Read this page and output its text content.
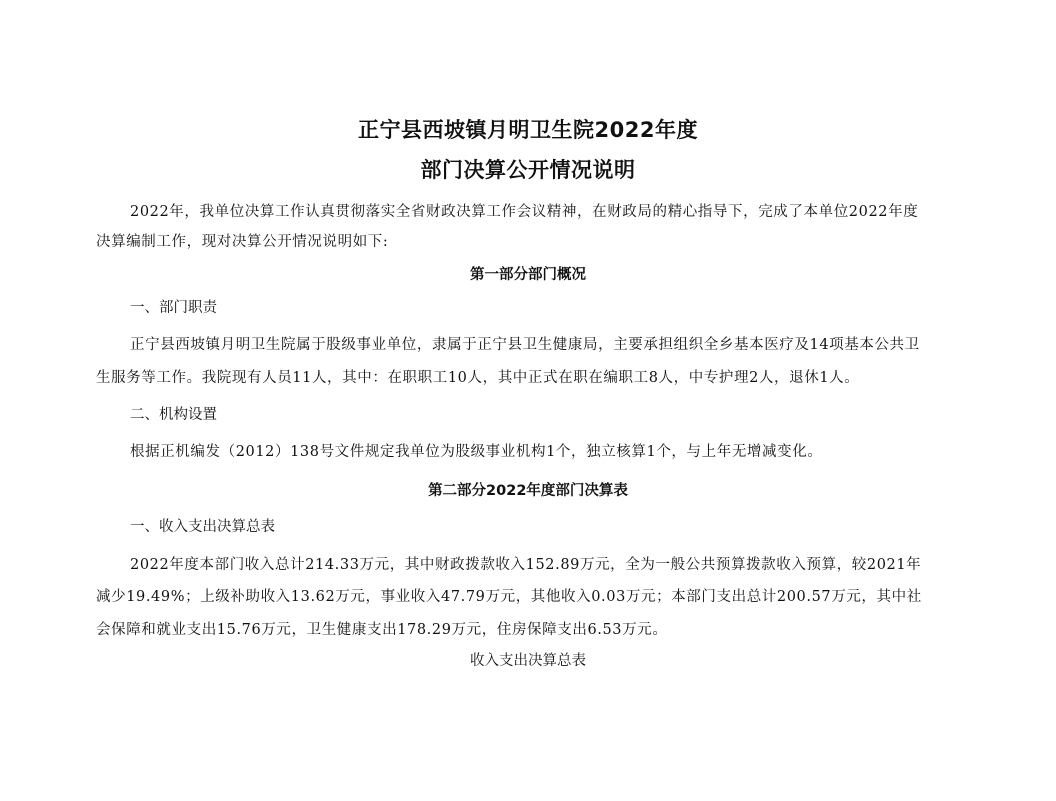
正宁县西坡镇月明卫生院2022年度
部门决算公开情况说明
2022年，我单位决算工作认真贯彻落实全省财政决算工作会议精神，在财政局的精心指导下，完成了本单位2022年度
决算编制工作，现对决算公开情况说明如下:
第一部分部门概况
一、部门职责
正宁县西坡镇月明卫生院属于股级事业单位，隶属于正宁县卫生健康局，主要承担组织全乡基本医疗及14项基本公共卫
生服务等工作。我院现有人员11人，其中：在职职工10人，其中正式在职在编职工8人，中专护理2人，退休1人。
二、机构设置
根据正机编发（2012）138号文件规定我单位为股级事业机构1个，独立核算1个，与上年无增减变化。
第二部分2022年度部门决算表
一、收入支出决算总表
2022年度本部门收入总计214.33万元，其中财政拨款收入152.89万元，全为一般公共预算拨款收入预算，较2021年
减少19.49%；上级补助收入13.62万元，事业收入47.79万元，其他收入0.03万元；本部门支出总计200.57万元，其中社
会保障和就业支出15.76万元，卫生健康支出178.29万元，住房保障支出6.53万元。
收入支出决算总表
